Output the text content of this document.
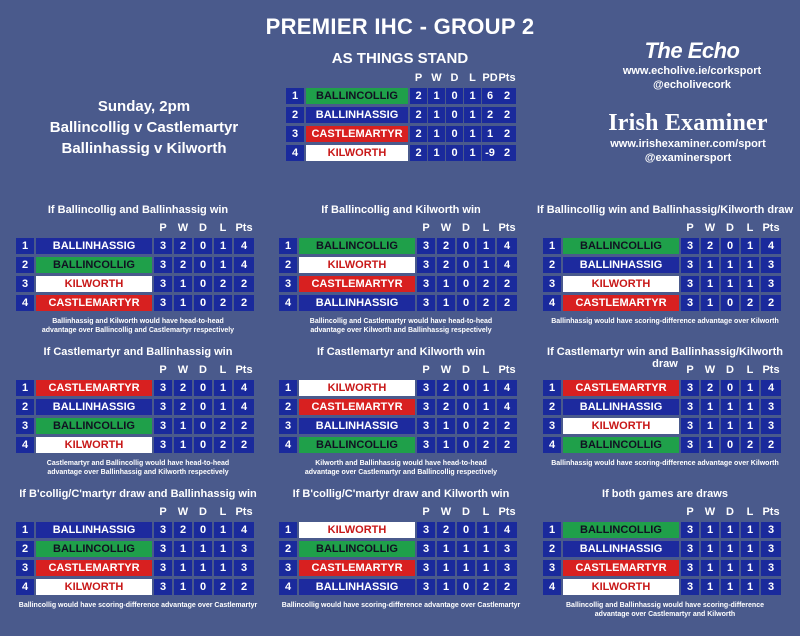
PREMIER IHC - GROUP 2
AS THINGS STAND
Sunday, 2pm
Ballincollig v Castlemartyr
Ballinhassig v Kilworth
The Echo
www.echolive.ie/corksport
@echolivecork
Irish Examiner
www.irishexaminer.com/sport
@examinersport
P W D L PD Pts
1	BALLINCOLLIG	2	1	0	1	6 2
2	BALLINHASSIG	2	1	0	1	2 2
3	CASTLEMARTYR	2	1	0	1	1 2
4	KILWORTH	2	1	0	1 -9 2
If Ballincollig and Ballinhassig win
P	W D	L Pts
1	BALLINHASSIG	3	2	0	1	4
2	BALLINCOLLIG	3	2	0	1	4
3	KILWORTH	3	1	0	2	2
4	CASTLEMARTYR	3	1	0	2	2
Ballinhassig and Kilworth would have head-to-head
advantage over Ballincollig and Castlemartyr respectively
If Ballincollig and Kilworth win
P	W D	L Pts
1	BALLINCOLLIG	3	2	0	1	4
2	KILWORTH	3	2	0	1	4
3	CASTLEMARTYR	3	1	0	2	2
4	BALLINHASSIG	3	1	0	2	2
Ballincollig and Castlemartyr would have head-to-head
advantage over Kilworth and Ballinhassig respectively
If Ballincollig win and Ballinhassig/Kilworth draw
P	W D	L Pts
1	BALLINCOLLIG	3	2	0	1	4
2	BALLINHASSIG	3	1	1	1	3
3	KILWORTH	3	1	1	1	3
4	CASTLEMARTYR	3	1	0	2	2
Ballinhassig would have scoring-difference advantage over Kilworth
If Castlemartyr and Ballinhassig win
P	W D	L Pts
1	CASTLEMARTYR	3	2	0	1	4
2	BALLINHASSIG	3	2	0	1	4
3	BALLINCOLLIG	3	1	0	2	2
4	KILWORTH	3	1	0	2	2
Castlemartyr and Ballincollig would have head-to-head
advantage over Ballinhassig and Kilworth respectively
If Castlemartyr and Kilworth win
P	W D	L Pts
1	KILWORTH	3	2	0	1	4
2	CASTLEMARTYR	3	2	0	1	4
3	BALLINHASSIG	3	1	0	2	2
4	BALLINCOLLIG	3	1	0	2	2
Kilworth and Ballinhassig would have head-to-head
advantage over Castlemartyr and Ballincollig respectively
If Castlemartyr win and Ballinhassig/Kilworth draw P	W D	L Pts
1	CASTLEMARTYR	3	2	0	1	4
2	BALLINHASSIG	3	1	1	1	3
3	KILWORTH	3	1	1	1	3
4	BALLINCOLLIG	3	1	0	2	2
Ballinhassig would have scoring-difference advantage over Kilworth
If B'collig/C'martyr draw and Ballinhassig win
P	W D	L Pts
1	BALLINHASSIG	3	2	0	1	4
2	BALLINCOLLIG	3	1	1	1	3
3	CASTLEMARTYR	3	1	1	1	3
4	KILWORTH	3	1	0	2	2
Ballincollig would have scoring-difference advantage over Castlemartyr
If B'collig/C'martyr draw and Kilworth win
P	W D	L Pts
1	KILWORTH	3	2	0	1	4
2	BALLINCOLLIG	3	1	1	1	3
3	CASTLEMARTYR	3	1	1	1	3
4	BALLINHASSIG	3	1	0	2	2
Ballincollig would have scoring-difference advantage over Castlemartyr
If both games are draws
P	W D	L Pts
1	BALLINCOLLIG	3	1	1	1	3
2	BALLINHASSIG	3	1	1	1	3
3	CASTLEMARTYR	3	1	1	1	3
4	KILWORTH	3	1	1	1	3
Ballincollig and Ballinhassig would have scoring-difference
advantage over Castlemartyr and Kilworth
